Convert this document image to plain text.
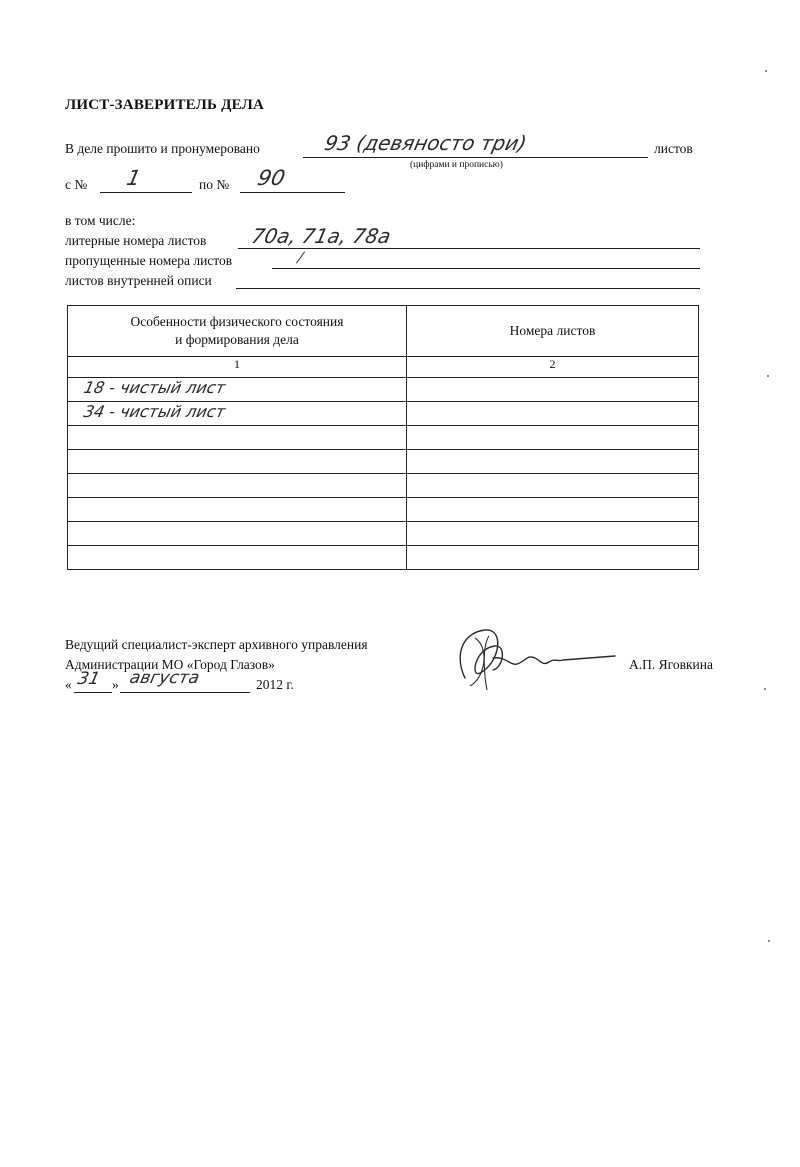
ЛИСТ-ЗАВЕРИТЕЛЬ ДЕЛА
В деле прошито и пронумеровано	93 (девяносто три)	листов
(цифрами и прописью)
с № 1	по № 90
в том числе:
литерные номера листов 70а, 71а, 78а
пропущенные номера листов	/
листов внутренней описи
Особенности физического состояния
и формирования дела	Номера листов
1	2

18 - чистый лист	

34 - чистый лист	

Ведущий специалист-эксперт архивного управления
Администрации МО «Город Глазов»
« 31 » августа	2012 г.
А.П. Яговкина
